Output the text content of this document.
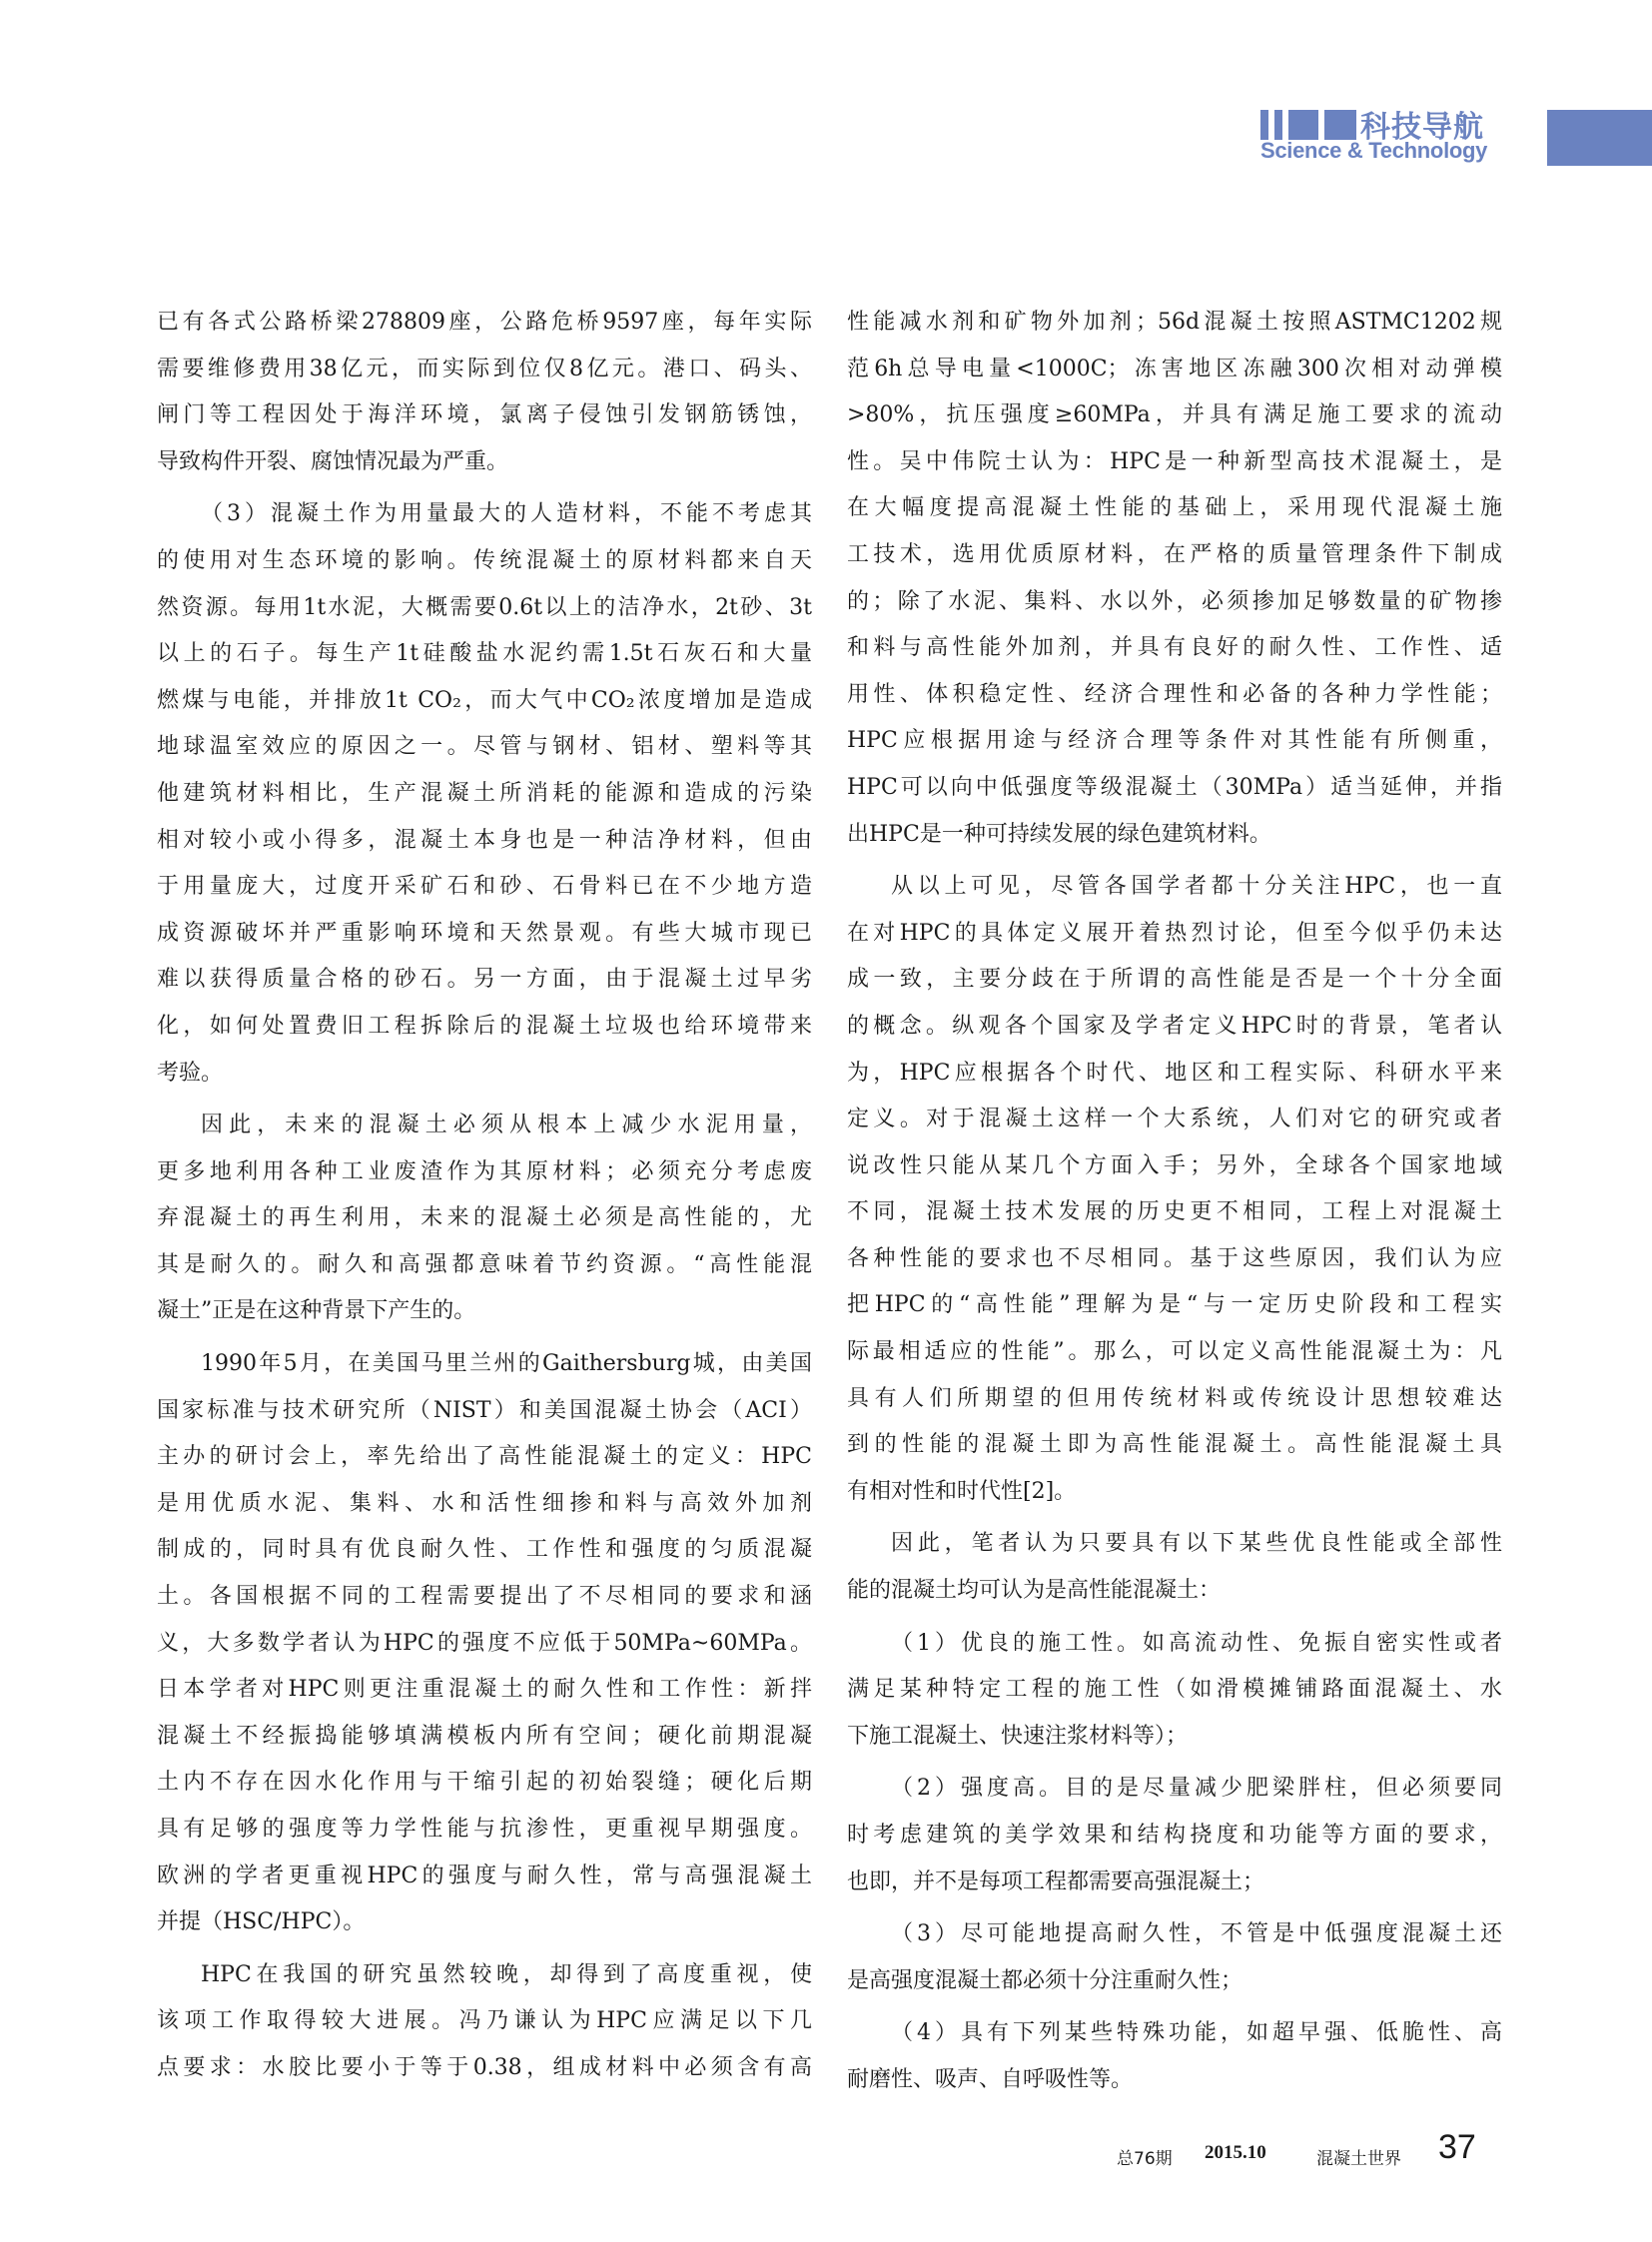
科技导航
Science & Technology
已有各式公路桥梁278809座，公路危桥9597座，每年实际
需要维修费用38亿元，而实际到位仅8亿元。港口、码头、
闸门等工程因处于海洋环境，氯离子侵蚀引发钢筋锈蚀，
导致构件开裂、腐蚀情况最为严重。
（3）混凝土作为用量最大的人造材料，不能不考虑其
的使用对生态环境的影响。传统混凝土的原材料都来自天
然资源。每用1t水泥，大概需要0.6t以上的洁净水，2t砂、3t
以上的石子。每生产1t硅酸盐水泥约需1.5t石灰石和大量
燃煤与电能，并排放1t CO₂，而大气中CO₂浓度增加是造成
地球温室效应的原因之一。尽管与钢材、铝材、塑料等其
他建筑材料相比，生产混凝土所消耗的能源和造成的污染
相对较小或小得多，混凝土本身也是一种洁净材料，但由
于用量庞大，过度开采矿石和砂、石骨料已在不少地方造
成资源破坏并严重影响环境和天然景观。有些大城市现已
难以获得质量合格的砂石。另一方面，由于混凝土过早劣
化，如何处置费旧工程拆除后的混凝土垃圾也给环境带来
考验。
因此，未来的混凝土必须从根本上减少水泥用量，
更多地利用各种工业废渣作为其原材料；必须充分考虑废
弃混凝土的再生利用，未来的混凝土必须是高性能的，尤
其是耐久的。耐久和高强都意味着节约资源。“高性能混
凝土”正是在这种背景下产生的。
1990年5月，在美国马里兰州的Gaithersburg城，由美国
国家标准与技术研究所（NIST）和美国混凝土协会（ACI）
主办的研讨会上，率先给出了高性能混凝土的定义：HPC
是用优质水泥、集料、水和活性细掺和料与高效外加剂
制成的，同时具有优良耐久性、工作性和强度的匀质混凝
土。各国根据不同的工程需要提出了不尽相同的要求和涵
义，大多数学者认为HPC的强度不应低于50MPa~60MPa。
日本学者对HPC则更注重混凝土的耐久性和工作性：新拌
混凝土不经振捣能够填满模板内所有空间；硬化前期混凝
土内不存在因水化作用与干缩引起的初始裂缝；硬化后期
具有足够的强度等力学性能与抗渗性，更重视早期强度。
欧洲的学者更重视HPC的强度与耐久性，常与高强混凝土
并提（HSC/HPC）。
HPC在我国的研究虽然较晚，却得到了高度重视，使
该项工作取得较大进展。冯乃谦认为HPC应满足以下几
点要求：水胶比要小于等于0.38，组成材料中必须含有高
性能减水剂和矿物外加剂；56d混凝土按照ASTMC1202规
范6h总导电量<1000C；冻害地区冻融300次相对动弹模
>80%，抗压强度≥60MPa，并具有满足施工要求的流动
性。吴中伟院士认为：HPC是一种新型高技术混凝土，是
在大幅度提高混凝土性能的基础上，采用现代混凝土施
工技术，选用优质原材料，在严格的质量管理条件下制成
的；除了水泥、集料、水以外，必须掺加足够数量的矿物掺
和料与高性能外加剂，并具有良好的耐久性、工作性、适
用性、体积稳定性、经济合理性和必备的各种力学性能；
HPC应根据用途与经济合理等条件对其性能有所侧重，
HPC可以向中低强度等级混凝土（30MPa）适当延伸，并指
出HPC是一种可持续发展的绿色建筑材料。
从以上可见，尽管各国学者都十分关注HPC，也一直
在对HPC的具体定义展开着热烈讨论，但至今似乎仍未达
成一致，主要分歧在于所谓的高性能是否是一个十分全面
的概念。纵观各个国家及学者定义HPC时的背景，笔者认
为，HPC应根据各个时代、地区和工程实际、科研水平来
定义。对于混凝土这样一个大系统，人们对它的研究或者
说改性只能从某几个方面入手；另外，全球各个国家地域
不同，混凝土技术发展的历史更不相同，工程上对混凝土
各种性能的要求也不尽相同。基于这些原因，我们认为应
把HPC的“高性能”理解为是“与一定历史阶段和工程实
际最相适应的性能”。那么，可以定义高性能混凝土为：凡
具有人们所期望的但用传统材料或传统设计思想较难达
到的性能的混凝土即为高性能混凝土。高性能混凝土具
有相对性和时代性[2]。
因此，笔者认为只要具有以下某些优良性能或全部性
能的混凝土均可认为是高性能混凝土：
（1）优良的施工性。如高流动性、免振自密实性或者
满足某种特定工程的施工性（如滑模摊铺路面混凝土、水
下施工混凝土、快速注浆材料等）；
（2）强度高。目的是尽量减少肥梁胖柱，但必须要同
时考虑建筑的美学效果和结构挠度和功能等方面的要求，
也即，并不是每项工程都需要高强混凝土；
（3）尽可能地提高耐久性，不管是中低强度混凝土还
是高强度混凝土都必须十分注重耐久性；
（4）具有下列某些特殊功能，如超早强、低脆性、高
耐磨性、吸声、自呼吸性等。
总76期 2015.10	混凝土世界 37
